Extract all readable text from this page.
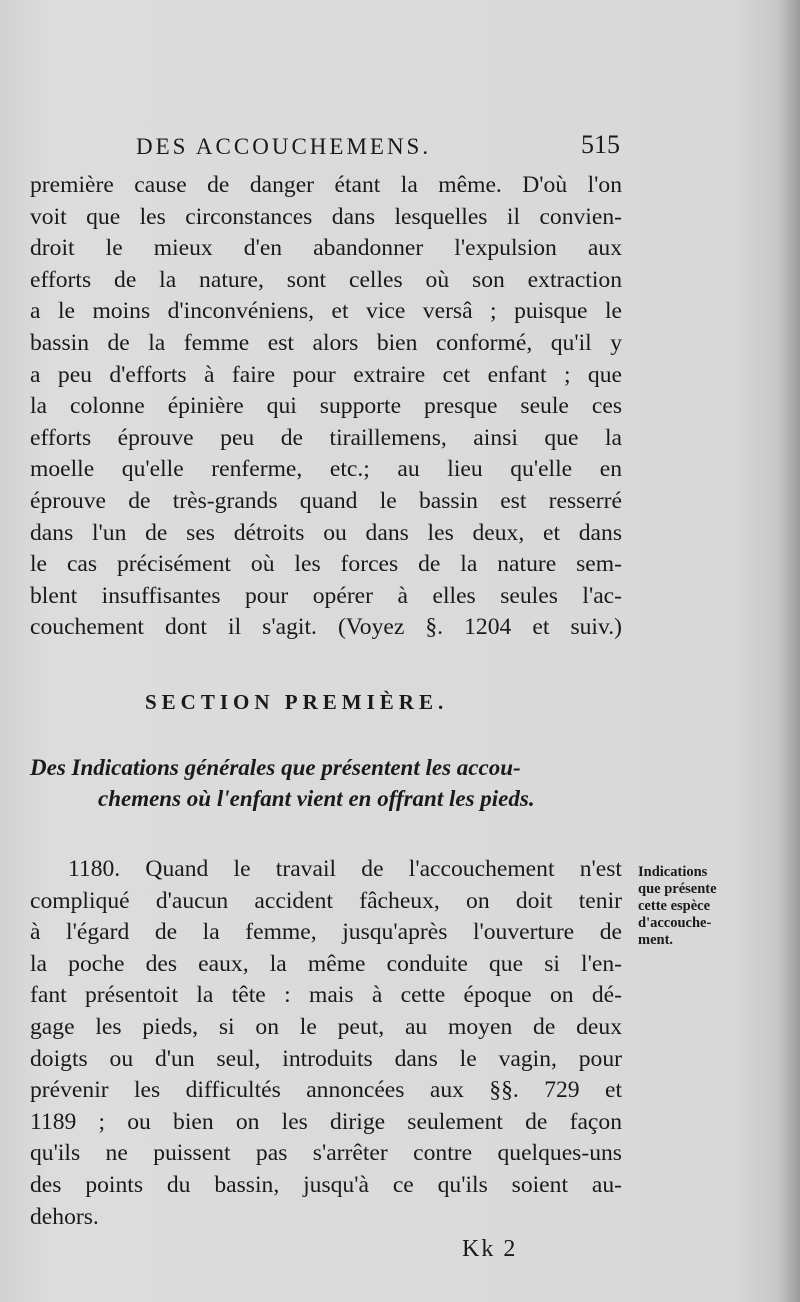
DES ACCOUCHEMENS.	515
première cause de danger étant la même. D'où l'on
voit que les circonstances dans lesquelles il convien-
droit le mieux d'en abandonner l'expulsion aux
efforts de la nature, sont celles où son extraction
a le moins d'inconvéniens, et vice versâ ; puisque le
bassin de la femme est alors bien conformé, qu'il y
a peu d'efforts à faire pour extraire cet enfant ; que
la colonne épinière qui supporte presque seule ces
efforts éprouve peu de tiraillemens, ainsi que la
moelle qu'elle renferme, etc.; au lieu qu'elle en
éprouve de très-grands quand le bassin est resserré
dans l'un de ses détroits ou dans les deux, et dans
le cas précisément où les forces de la nature sem-
blent insuffisantes pour opérer à elles seules l'ac-
couchement dont il s'agit. (Voyez §. 1204 et suiv.)
SECTION PREMIÈRE.
Des Indications générales que présentent les accou-
chemens où l'enfant vient en offrant les pieds.
1180. Quand le travail de l'accouchement n'est
compliqué d'aucun accident fâcheux, on doit tenir
à l'égard de la femme, jusqu'après l'ouverture de
la poche des eaux, la même conduite que si l'en-
fant présentoit la tête : mais à cette époque on dé-
gage les pieds, si on le peut, au moyen de deux
doigts ou d'un seul, introduits dans le vagin, pour
prévenir les difficultés annoncées aux §§. 729 et
1189 ; ou bien on les dirige seulement de façon
qu'ils ne puissent pas s'arrêter contre quelques-uns
des points du bassin, jusqu'à ce qu'ils soient au-
dehors.
Indications
que présente
cette espèce
d'accouche-
ment.
Kk 2
